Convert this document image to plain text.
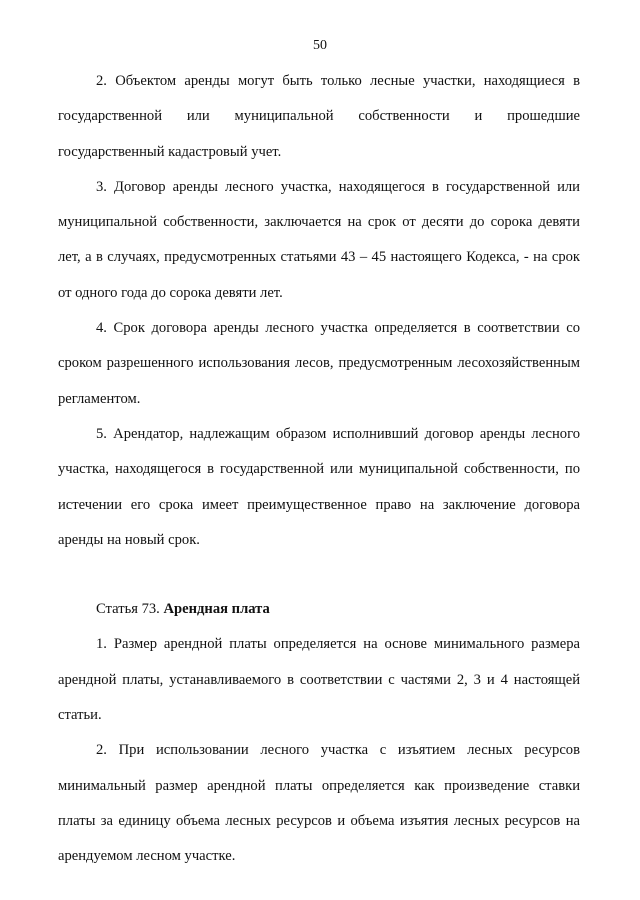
50

2. Объектом аренды могут быть только лесные участки, находящиеся в государственной или муниципальной собственности и прошедшие государственный кадастровый учет.

3. Договор аренды лесного участка, находящегося в государственной или муниципальной собственности, заключается на срок от десяти до сорока девяти лет, а в случаях, предусмотренных статьями 43 – 45 настоящего Кодекса, - на срок от одного года до сорока девяти лет.

4. Срок договора аренды лесного участка определяется в соответствии со сроком разрешенного использования лесов, предусмотренным лесохозяйственным регламентом.

5. Арендатор, надлежащим образом исполнивший договор аренды лесного участка, находящегося в государственной или муниципальной собственности, по истечении его срока имеет преимущественное право на заключение договора аренды на новый срок.

Статья 73. Арендная плата

1. Размер арендной платы определяется на основе минимального размера арендной платы, устанавливаемого в соответствии с частями 2, 3 и 4 настоящей статьи.

2. При использовании лесного участка с изъятием лесных ресурсов минимальный размер арендной платы определяется как произведение ставки платы за единицу объема лесных ресурсов и объема изъятия лесных ресурсов на арендуемом лесном участке.
